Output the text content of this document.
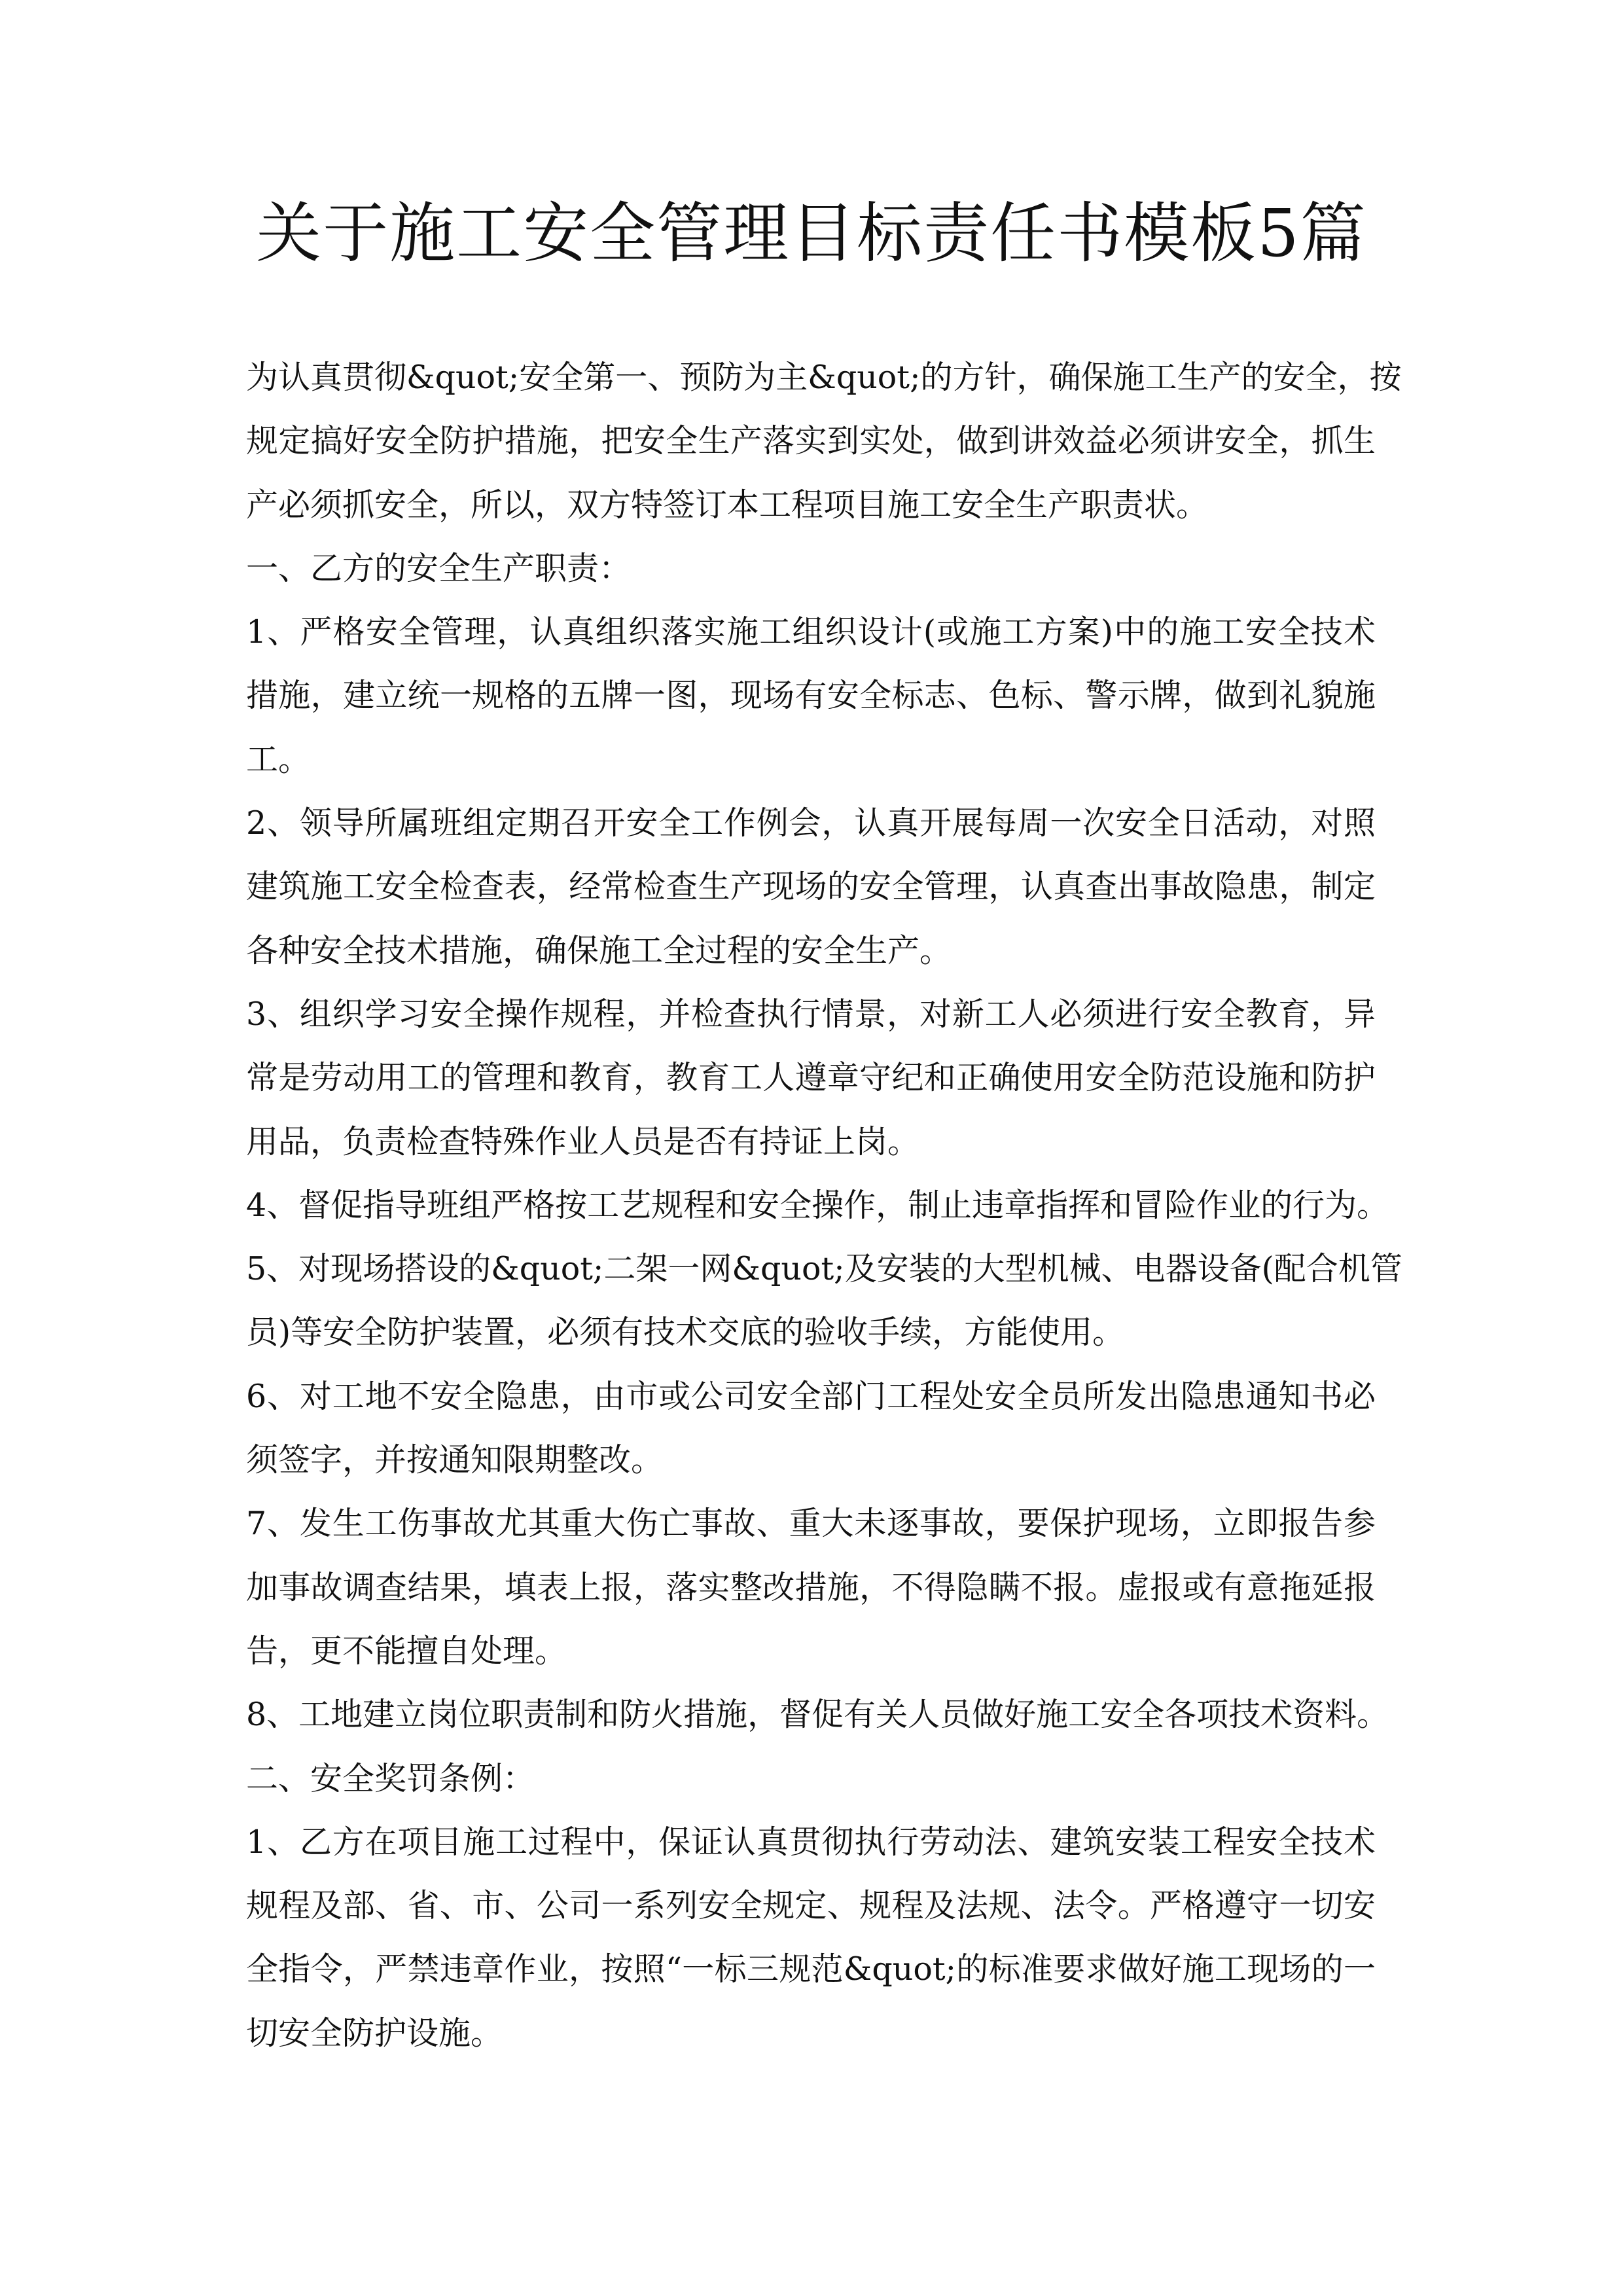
关于施工安全管理目标责任书模板5篇
为认真贯彻&quot;安全第一、预防为主&quot;的方针，确保施工生产的安全，按
规定搞好安全防护措施，把安全生产落实到实处，做到讲效益必须讲安全，抓生
产必须抓安全，所以，双方特签订本工程项目施工安全生产职责状。
一、乙方的安全生产职责：
1、严格安全管理，认真组织落实施工组织设计(或施工方案)中的施工安全技术
措施，建立统一规格的五牌一图，现场有安全标志、色标、警示牌，做到礼貌施
工。
2、领导所属班组定期召开安全工作例会，认真开展每周一次安全日活动，对照
建筑施工安全检查表，经常检查生产现场的安全管理，认真查出事故隐患，制定
各种安全技术措施，确保施工全过程的安全生产。
3、组织学习安全操作规程，并检查执行情景，对新工人必须进行安全教育，异
常是劳动用工的管理和教育，教育工人遵章守纪和正确使用安全防范设施和防护
用品，负责检查特殊作业人员是否有持证上岗。
4、督促指导班组严格按工艺规程和安全操作，制止违章指挥和冒险作业的行为。
5、对现场搭设的&quot;二架一网&quot;及安装的大型机械、电器设备(配合机管
员)等安全防护装置，必须有技术交底的验收手续，方能使用。
6、对工地不安全隐患，由市或公司安全部门工程处安全员所发出隐患通知书必
须签字，并按通知限期整改。
7、发生工伤事故尤其重大伤亡事故、重大未逐事故，要保护现场，立即报告参
加事故调查结果，填表上报，落实整改措施，不得隐瞒不报。虚报或有意拖延报
告，更不能擅自处理。
8、工地建立岗位职责制和防火措施，督促有关人员做好施工安全各项技术资料。
二、安全奖罚条例：
1、乙方在项目施工过程中，保证认真贯彻执行劳动法、建筑安装工程安全技术
规程及部、省、市、公司一系列安全规定、规程及法规、法令。严格遵守一切安
全指令，严禁违章作业，按照“一标三规范&quot;的标准要求做好施工现场的一
切安全防护设施。
